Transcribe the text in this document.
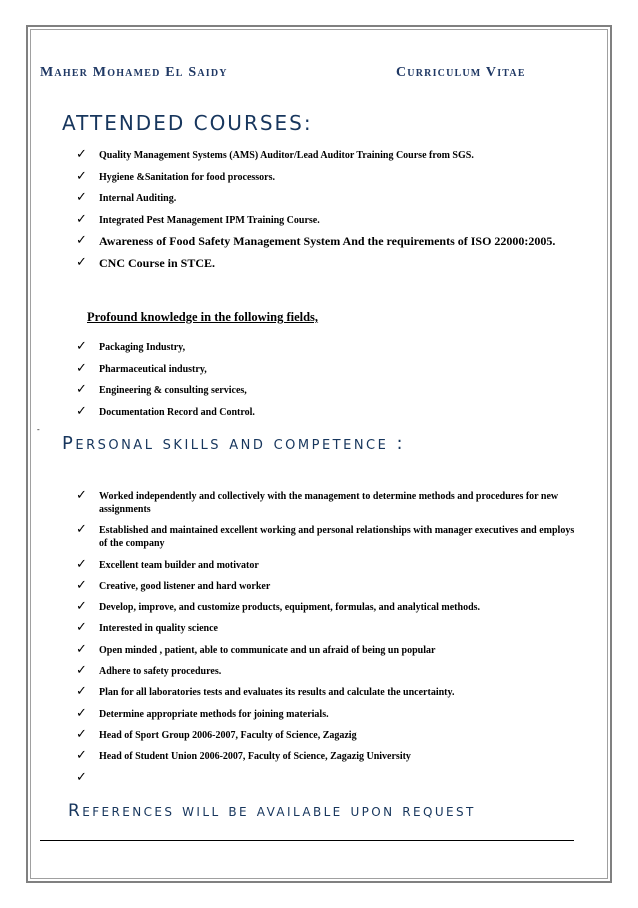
Maher Mohamed El Saidy	Curriculum Vitae
ATTENDED COURSES:
✓ Quality Management Systems (AMS) Auditor/Lead Auditor Training Course from SGS.
✓ Hygiene &Sanitation for food processors.
✓ Internal Auditing.
✓ Integrated Pest Management IPM Training Course.
✓ Awareness of Food Safety Management System And the requirements of ISO 22000:2005.
✓ CNC Course in STCE.
Profound knowledge in the following fields,
✓ Packaging Industry,
✓ Pharmaceutical industry,
✓ Engineering & consulting services,
✓ Documentation Record and Control.
-
Personal skills and competence :
✓ Worked independently and collectively with the management to determine methods and procedures for new assignments
✓ Established and maintained excellent working and personal relationships with manager executives and employs of the company
✓ Excellent team builder and motivator
✓ Creative, good listener and hard worker
✓ Develop, improve, and customize products, equipment, formulas, and analytical methods.
✓ Interested in quality science
✓ Open minded , patient, able to communicate and un afraid of being un popular
✓ Adhere to safety procedures.
✓ Plan for all laboratories tests and evaluates its results and calculate the uncertainty.
✓ Determine appropriate methods for joining materials.
✓ Head of Sport Group 2006-2007, Faculty of Science, Zagazig
✓ Head of Student Union 2006-2007, Faculty of Science, Zagazig University
✓

References will be available upon request
